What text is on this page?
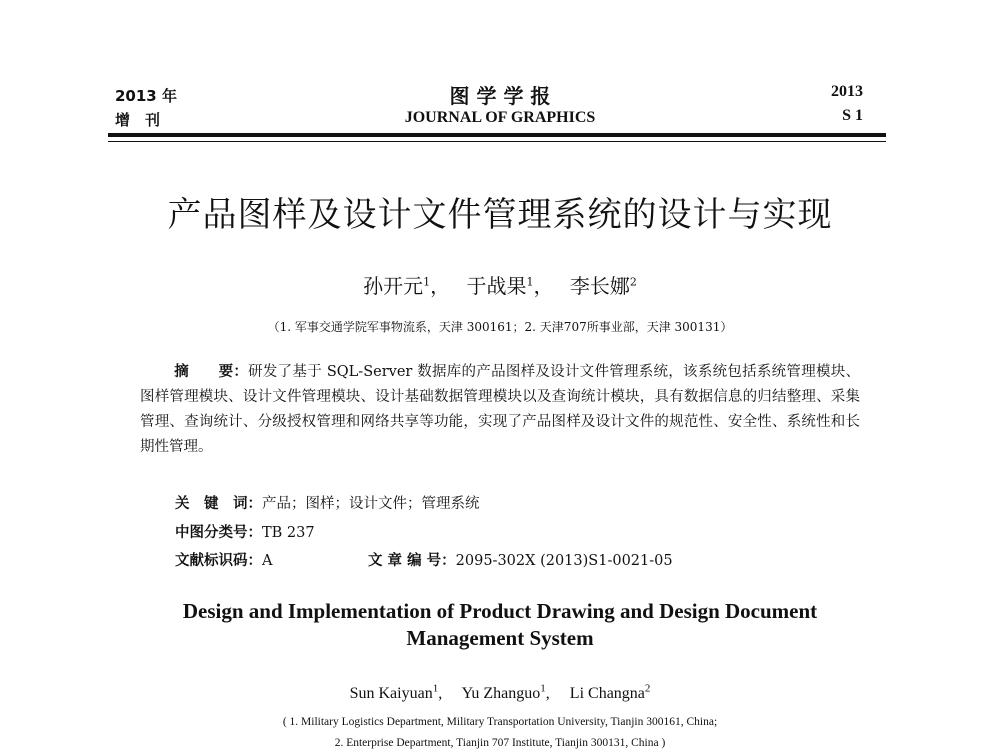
2013 年
增　刊
图 学 学 报
JOURNAL OF GRAPHICS
2013
S 1
产品图样及设计文件管理系统的设计与实现
孙开元$^1$，　 于战果$^1$，　 李长娜$^2$
（1. 军事交通学院军事物流系，天津 300161；2. 天津707所事业部，天津 300131）
摘　　要：研发了基于 SQL-Server 数据库的产品图样及设计文件管理系统，该系统包括系统管理模块、图样管理模块、设计文件管理模块、设计基础数据管理模块以及查询统计模块，具有数据信息的归结整理、采集管理、查询统计、分级授权管理和网络共享等功能，实现了产品图样及设计文件的规范性、安全性、系统性和长期性管理。
关　键　词：产品；图样；设计文件；管理系统
中图分类号：TB 237
文献标识码：A	文 章 编 号：2095-302X (2013)S1-0021-05
Design and Implementation of Product Drawing and Design Document
Management System
Sun Kaiyuan$^1$,　 Yu Zhanguo$^1$,　 Li Changna$^2$
( 1. Military Logistics Department, Military Transportation University, Tianjin 300161, China;
2. Enterprise Department, Tianjin 707 Institute, Tianjin 300131, China )
